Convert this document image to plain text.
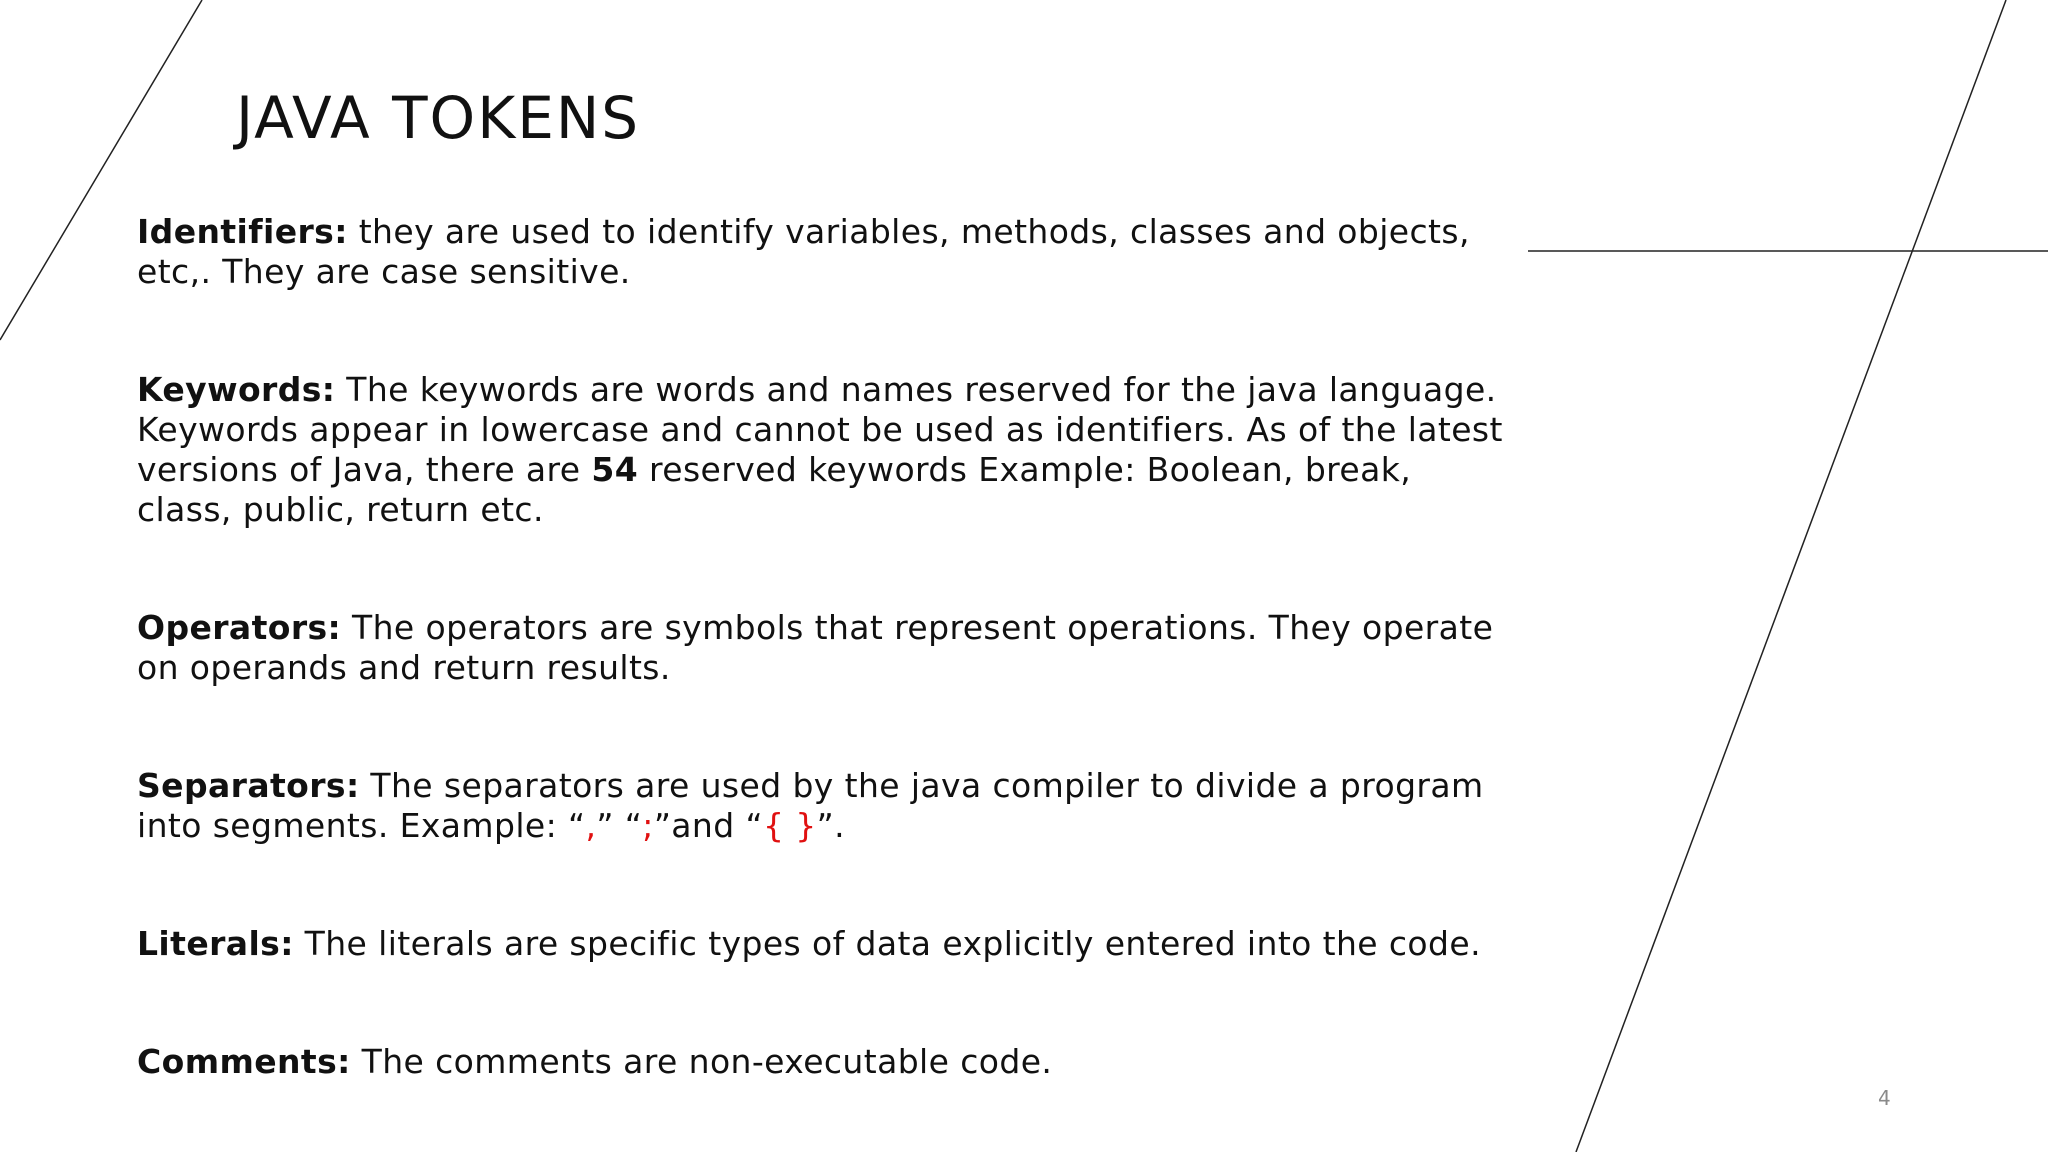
JAVA TOKENS

Identifiers: they are used to identify variables, methods, classes and objects, etc,. They are case sensitive.

Keywords: The keywords are words and names reserved for the java language. Keywords appear in lowercase and cannot be used as identifiers. As of the latest versions of Java, there are 54 reserved keywords Example: Boolean, break, class, public, return etc.

Operators: The operators are symbols that represent operations. They operate on operands and return results.

Separators: The separators are used by the java compiler to divide a program into segments. Example: “,” “;”and “{ }”.

Literals: The literals are specific types of data explicitly entered into the code.

Comments: The comments are non-executable code.

4
